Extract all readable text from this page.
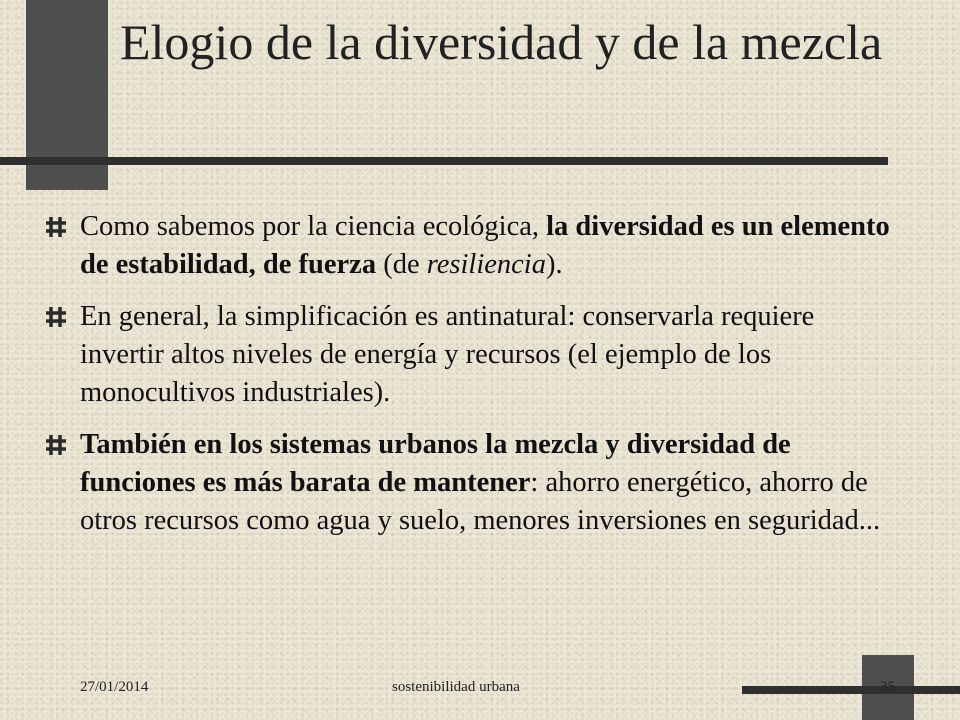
Elogio de la diversidad y de la mezcla
Como sabemos por la ciencia ecológica, la diversidad es un elemento de estabilidad, de fuerza (de resiliencia).
En general, la simplificación es antinatural: conservarla requiere invertir altos niveles de energía y recursos (el ejemplo de los monocultivos industriales).
También en los sistemas urbanos la mezcla y diversidad de funciones es más barata de mantener: ahorro energético, ahorro de otros recursos como agua y suelo, menores inversiones en seguridad...
27/01/2014	sostenibilidad urbana	35
